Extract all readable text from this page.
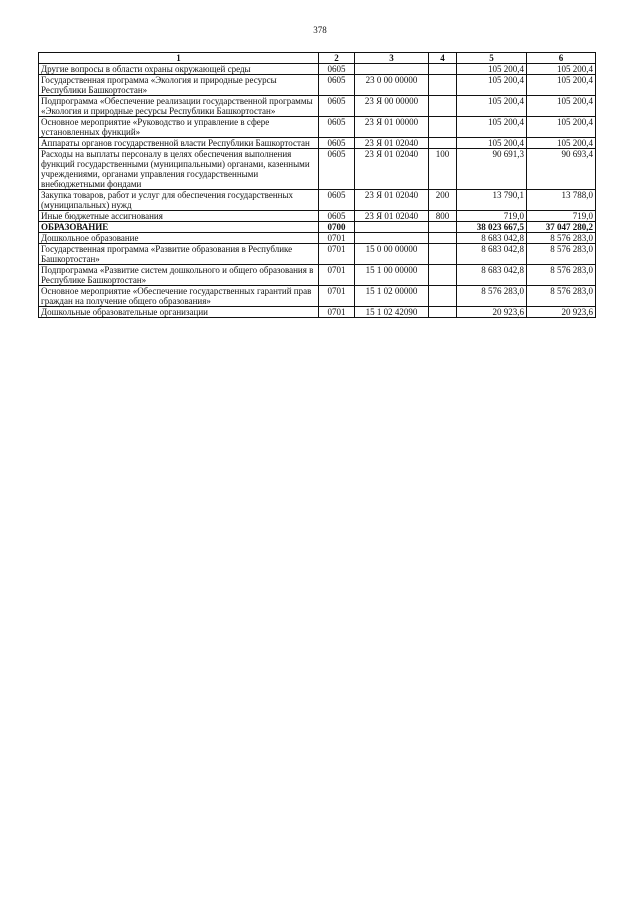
378
1	2	3	4	5	6
Другие вопросы в области охраны окружающей среды	0605			105 200,4	105 200,4
Государственная программа «Экология и природные ресурсы Республики Башкортостан»	0605	23 0 00 00000		105 200,4	105 200,4
Подпрограмма «Обеспечение реализации государственной программы «Экология и природные ресурсы Республики Башкортостан»	0605	23 Я 00 00000		105 200,4	105 200,4
Основное мероприятие «Руководство и управление в сфере установленных функций»	0605	23 Я 01 00000		105 200,4	105 200,4
Аппараты органов государственной власти Республики Башкортостан	0605	23 Я 01 02040		105 200,4	105 200,4
Расходы на выплаты персоналу в целях обеспечения выполнения функций государственными (муниципальными) органами, казенными учреждениями, органами управления государственными внебюджетными фондами	0605	23 Я 01 02040	100	90 691,3	90 693,4
Закупка товаров, работ и услуг для обеспечения государственных (муниципальных) нужд	0605	23 Я 01 02040	200	13 790,1	13 788,0
Иные бюджетные ассигнования	0605	23 Я 01 02040	800	719,0	719,0
ОБРАЗОВАНИЕ	0700			38 023 667,5	37 047 280,2
Дошкольное образование	0701			8 683 042,8	8 576 283,0
Государственная программа «Развитие образования в Республике Башкортостан»	0701	15 0 00 00000		8 683 042,8	8 576 283,0
Подпрограмма «Развитие систем дошкольного и общего образования в Республике Башкортостан»	0701	15 1 00 00000		8 683 042,8	8 576 283,0
Основное мероприятие «Обеспечение государственных гарантий прав граждан на получение общего образования»	0701	15 1 02 00000		8 576 283,0	8 576 283,0
Дошкольные образовательные организации	0701	15 1 02 42090		20 923,6	20 923,6
